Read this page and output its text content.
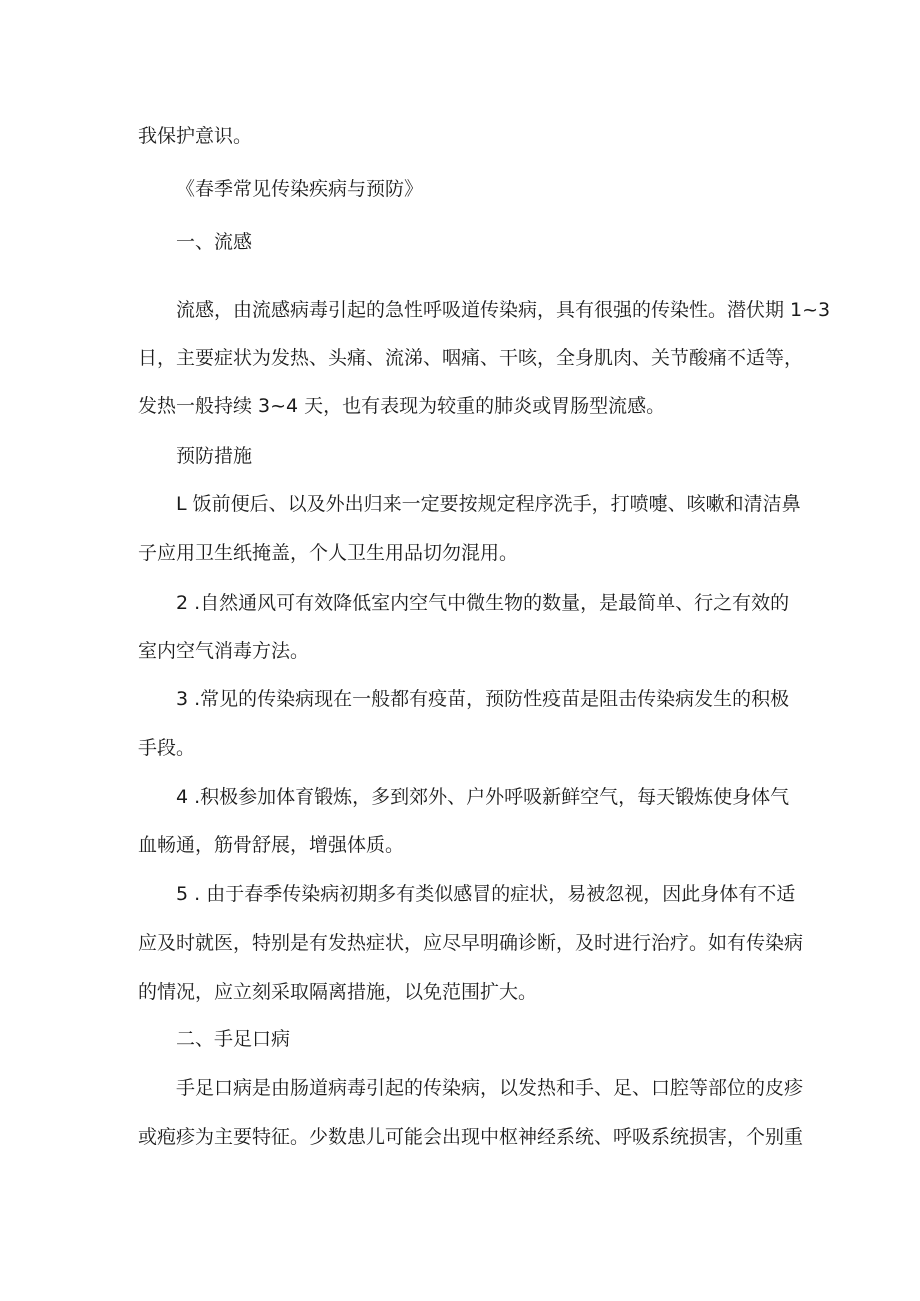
我保护意识。
《春季常见传染疾病与预防》
一、流感
流感，由流感病毒引起的急性呼吸道传染病，具有很强的传染性。潜伏期 1~3
日，主要症状为发热、头痛、流涕、咽痛、干咳，全身肌肉、关节酸痛不适等，
发热一般持续 3~4 天，也有表现为较重的肺炎或胃肠型流感。
预防措施
L 饭前便后、以及外出归来一定要按规定程序洗手，打喷嚏、咳嗽和清洁鼻
子应用卫生纸掩盖，个人卫生用品切勿混用。
2 .自然通风可有效降低室内空气中微生物的数量，是最简单、行之有效的
室内空气消毒方法。
3 .常见的传染病现在一般都有疫苗，预防性疫苗是阻击传染病发生的积极
手段。
4 .积极参加体育锻炼，多到郊外、户外呼吸新鲜空气，每天锻炼使身体气
血畅通，筋骨舒展，增强体质。
5 . 由于春季传染病初期多有类似感冒的症状，易被忽视，因此身体有不适
应及时就医，特别是有发热症状，应尽早明确诊断，及时进行治疗。如有传染病
的情况，应立刻采取隔离措施，以免范围扩大。
二、手足口病
手足口病是由肠道病毒引起的传染病，以发热和手、足、口腔等部位的皮疹
或疱疹为主要特征。少数患儿可能会出现中枢神经系统、呼吸系统损害，个别重
